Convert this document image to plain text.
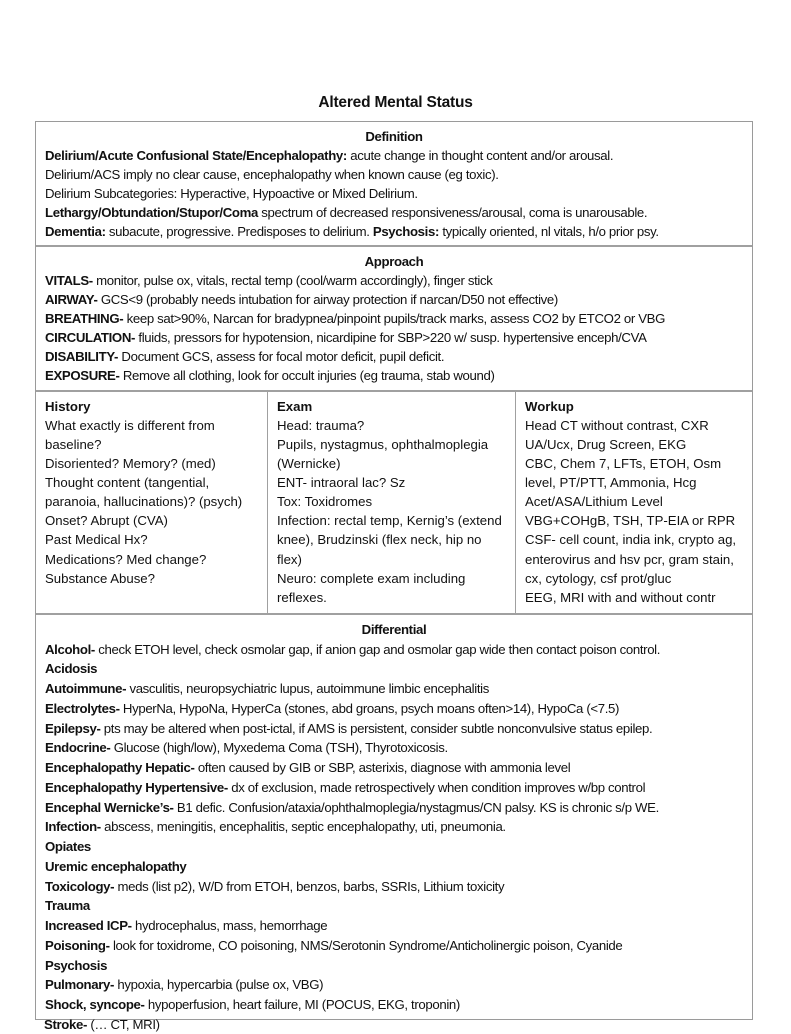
Altered Mental Status
Definition
Delirium/Acute Confusional State/Encephalopathy: acute change in thought content and/or arousal.
Delirium/ACS imply no clear cause, encephalopathy when known cause (eg toxic).
Delirium Subcategories: Hyperactive, Hypoactive or Mixed Delirium.
Lethargy/Obtundation/Stupor/Coma spectrum of decreased responsiveness/arousal, coma is unarousable.
Dementia: subacute, progressive. Predisposes to delirium. Psychosis: typically oriented, nl vitals, h/o prior psy.
Approach
VITALS- monitor, pulse ox, vitals, rectal temp (cool/warm accordingly), finger stick
AIRWAY- GCS<9 (probably needs intubation for airway protection if narcan/D50 not effective)
BREATHING- keep sat>90%, Narcan for bradypnea/pinpoint pupils/track marks, assess CO2 by ETCO2 or VBG
CIRCULATION- fluids, pressors for hypotension, nicardipine for SBP>220 w/ susp. hypertensive enceph/CVA
DISABILITY- Document GCS, assess for focal motor deficit, pupil deficit.
EXPOSURE- Remove all clothing, look for occult injuries (eg trauma, stab wound)
History
What exactly is different from baseline?
Disoriented? Memory? (med)
Thought content (tangential, paranoia, hallucinations)? (psych)
Onset? Abrupt (CVA)
Past Medical Hx?
Medications? Med change?
Substance Abuse?
Exam
Head: trauma?
Pupils, nystagmus, ophthalmoplegia (Wernicke)
ENT- intraoral lac? Sz
Tox: Toxidromes
Infection: rectal temp, Kernig’s (extend knee), Brudzinski (flex neck, hip no flex)
Neuro: complete exam including reflexes.
Workup
Head CT without contrast, CXR
UA/Ucx, Drug Screen, EKG
CBC, Chem 7, LFTs, ETOH, Osm level, PT/PTT, Ammonia, Hcg
Acet/ASA/Lithium Level
VBG+COHgB, TSH, TP-EIA or RPR
CSF- cell count, india ink, crypto ag, enterovirus and hsv pcr, gram stain, cx, cytology, csf prot/gluc
EEG, MRI with and without contr
Differential
Alcohol- check ETOH level, check osmolar gap, if anion gap and osmolar gap wide then contact poison control.
Acidosis
Autoimmune- vasculitis, neuropsychiatric lupus, autoimmune limbic encephalitis
Electrolytes- HyperNa, HypoNa, HyperCa (stones, abd groans, psych moans often>14), HypoCa (<7.5)
Epilepsy- pts may be altered when post-ictal, if AMS is persistent, consider subtle nonconvulsive status epilep.
Endocrine- Glucose (high/low), Myxedema Coma (TSH), Thyrotoxicosis.
Encephalopathy Hepatic- often caused by GIB or SBP, asterixis, diagnose with ammonia level
Encephalopathy Hypertensive- dx of exclusion, made retrospectively when condition improves w/bp control
Encephal Wernicke’s- B1 defic. Confusion/ataxia/ophthalmoplegia/nystagmus/CN palsy. KS is chronic s/p WE.
Infection- abscess, meningitis, encephalitis, septic encephalopathy, uti, pneumonia.
Opiates
Uremic encephalopathy
Toxicology- meds (list p2), W/D from ETOH, benzos, barbs, SSRIs, Lithium toxicity
Trauma
Increased ICP- hydrocephalus, mass, hemorrhage
Poisoning- look for toxidrome, CO poisoning, NMS/Serotonin Syndrome/Anticholinergic poison, Cyanide
Psychosis
Pulmonary- hypoxia, hypercarbia (pulse ox, VBG)
Shock, syncope- hypoperfusion, heart failure, MI (POCUS, EKG, troponin)
Stroke- (… CT, MRI)
